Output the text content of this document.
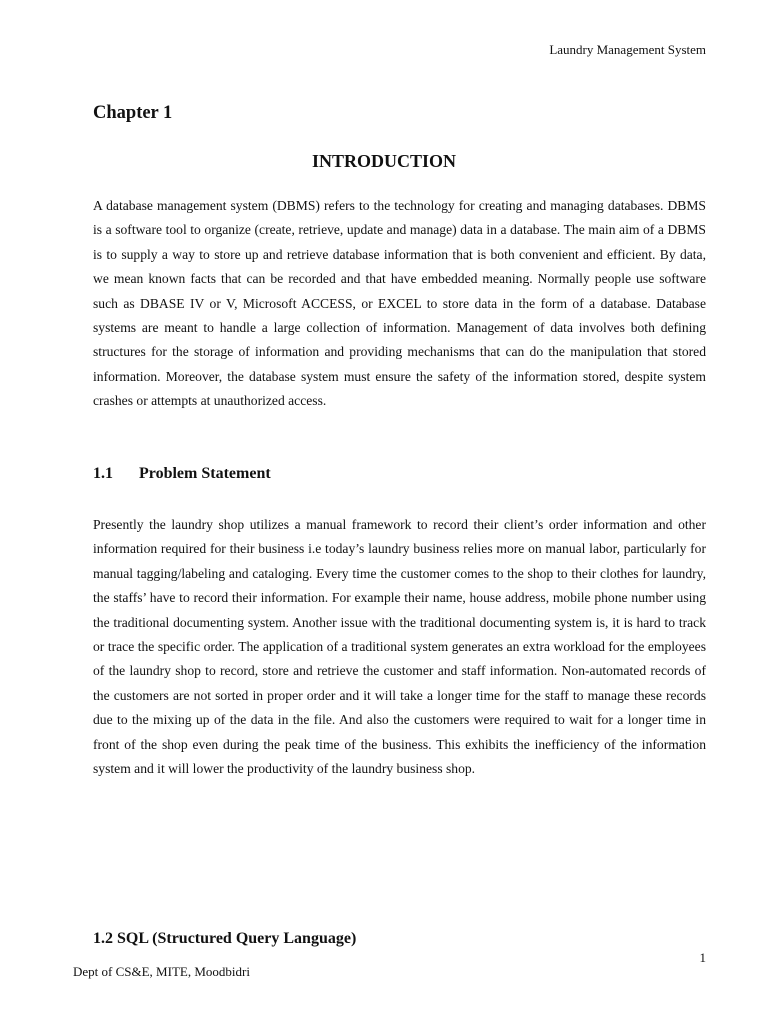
Laundry Management System
Chapter 1
INTRODUCTION

A database management system (DBMS) refers to the technology for creating and managing databases. DBMS is a software tool to organize (create, retrieve, update and manage) data in a database. The main aim of a DBMS is to supply a way to store up and retrieve database information that is both convenient and efficient. By data, we mean known facts that can be recorded and that have embedded meaning. Normally people use software such as DBASE IV or V, Microsoft ACCESS, or EXCEL to store data in the form of a database. Database systems are meant to handle a large collection of information. Management of data involves both defining structures for the storage of information and providing mechanisms that can do the manipulation that stored information. Moreover, the database system must ensure the safety of the information stored, despite system crashes or attempts at unauthorized access.

1.1 Problem Statement

Presently the laundry shop utilizes a manual framework to record their client’s order information and other information required for their business i.e today’s laundry business relies more on manual labor, particularly for manual tagging/labeling and cataloging. Every time the customer comes to the shop to their clothes for laundry, the staffs’ have to record their information. For example their name, house address, mobile phone number using the traditional documenting system. Another issue with the traditional documenting system is, it is hard to track or trace the specific order. The application of a traditional system generates an extra workload for the employees of the laundry shop to record, store and retrieve the customer and staff information. Non-automated records of the customers are not sorted in proper order and it will take a longer time for the staff to manage these records due to the mixing up of the data in the file. And also the customers were required to wait for a longer time in front of the shop even during the peak time of the business. This exhibits the inefficiency of the information system and it will lower the productivity of the laundry business shop.

1.2 SQL (Structured Query Language)
1
Dept of CS&E, MITE, Moodbidri
